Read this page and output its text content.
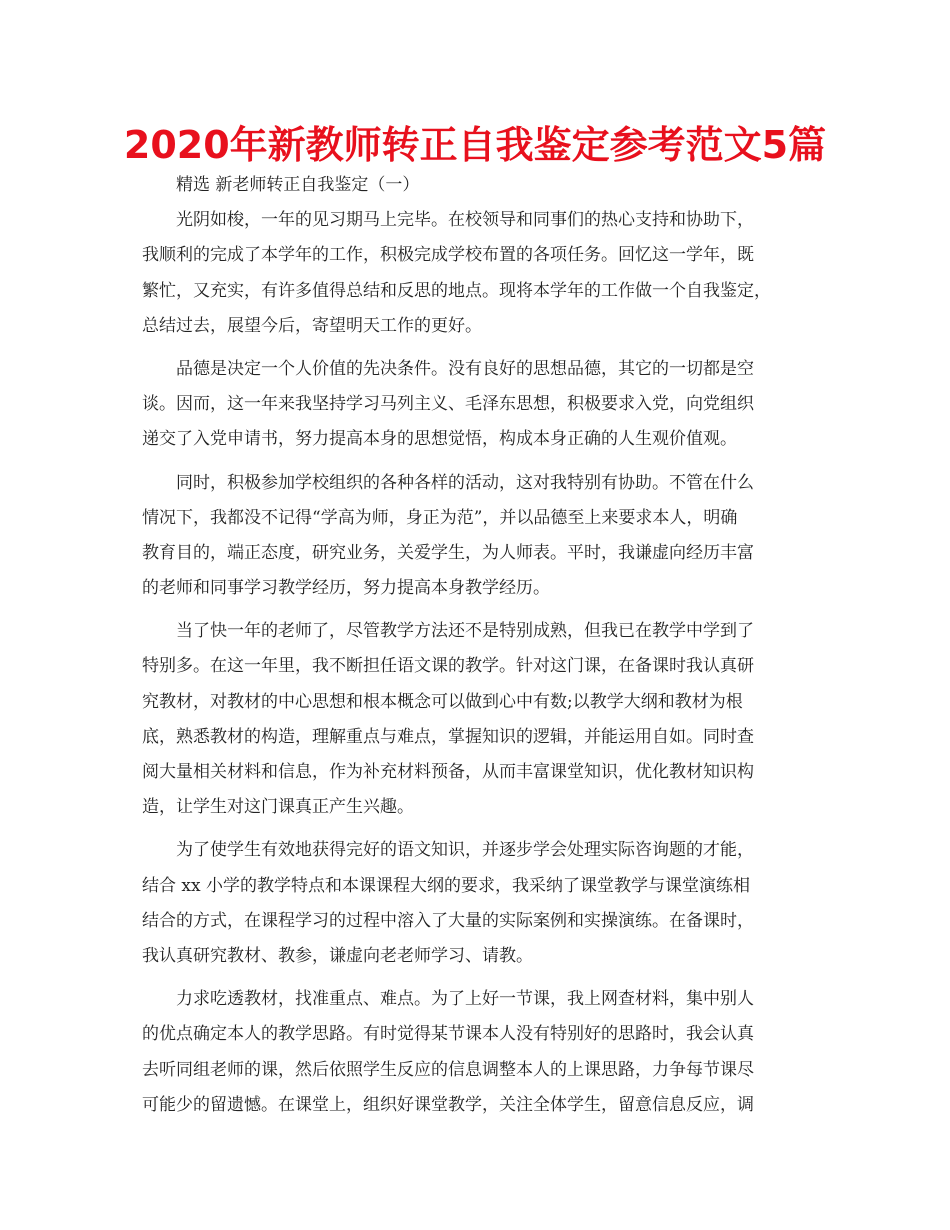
2020年新教师转正自我鉴定参考范文5篇
精选 新老师转正自我鉴定（一）
光阴如梭，一年的见习期马上完毕。在校领导和同事们的热心支持和协助下，
我顺利的完成了本学年的工作，积极完成学校布置的各项任务。回忆这一学年，既
繁忙，又充实，有许多值得总结和反思的地点。现将本学年的工作做一个自我鉴定，
总结过去，展望今后，寄望明天工作的更好。
品德是决定一个人价值的先决条件。没有良好的思想品德，其它的一切都是空
谈。因而，这一年来我坚持学习马列主义、毛泽东思想，积极要求入党，向党组织
递交了入党申请书，努力提高本身的思想觉悟，构成本身正确的人生观价值观。
同时，积极参加学校组织的各种各样的活动，这对我特别有协助。不管在什么
情况下，我都没不记得“学高为师，身正为范”，并以品德至上来要求本人，明确
教育目的，端正态度，研究业务，关爱学生，为人师表。平时，我谦虚向经历丰富
的老师和同事学习教学经历，努力提高本身教学经历。
当了快一年的老师了，尽管教学方法还不是特别成熟，但我已在教学中学到了
特别多。在这一年里，我不断担任语文课的教学。针对这门课，在备课时我认真研
究教材，对教材的中心思想和根本概念可以做到心中有数;以教学大纲和教材为根
底，熟悉教材的构造，理解重点与难点，掌握知识的逻辑，并能运用自如。同时查
阅大量相关材料和信息，作为补充材料预备，从而丰富课堂知识，优化教材知识构
造，让学生对这门课真正产生兴趣。
为了使学生有效地获得完好的语文知识，并逐步学会处理实际咨询题的才能，
结合 xx 小学的教学特点和本课课程大纲的要求，我采纳了课堂教学与课堂演练相
结合的方式，在课程学习的过程中溶入了大量的实际案例和实操演练。在备课时，
我认真研究教材、教参，谦虚向老老师学习、请教。
力求吃透教材，找准重点、难点。为了上好一节课，我上网查材料，集中别人
的优点确定本人的教学思路。有时觉得某节课本人没有特别好的思路时，我会认真
去听同组老师的课，然后依照学生反应的信息调整本人的上课思路，力争每节课尽
可能少的留遗憾。在课堂上，组织好课堂教学，关注全体学生，留意信息反应，调
